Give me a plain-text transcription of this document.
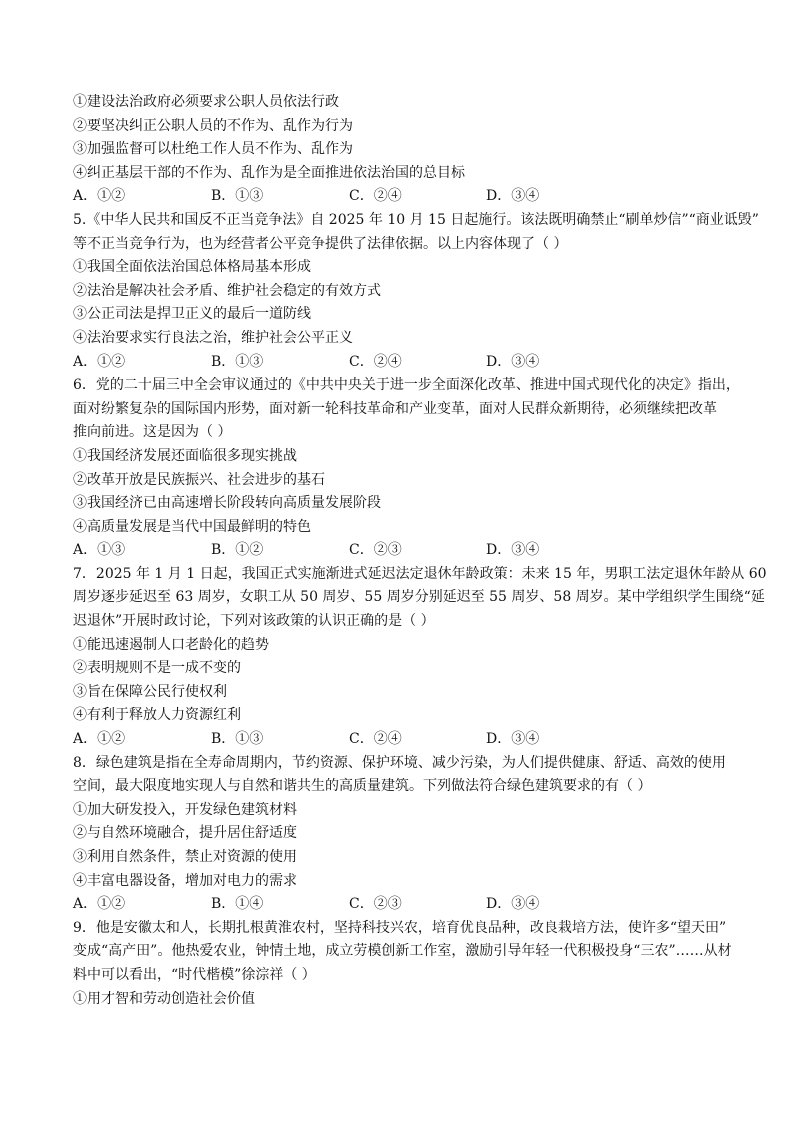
①建设法治政府必须要求公职人员依法行政
②要坚决纠正公职人员的不作为、乱作为行为
③加强监督可以杜绝工作人员不作为、乱作为
④纠正基层干部的不作为、乱作为是全面推进依法治国的总目标
A．①②	B．①③	C．②④	D．③④
5.《中华人民共和国反不正当竞争法》自 2025 年 10 月 15 日起施行。该法既明确禁止“刷单炒信”“商业诋毁”
等不正当竞争行为，也为经营者公平竞争提供了法律依据。以上内容体现了（ ）
①我国全面依法治国总体格局基本形成
②法治是解决社会矛盾、维护社会稳定的有效方式
③公正司法是捍卫正义的最后一道防线
④法治要求实行良法之治，维护社会公平正义
A．①②	B．①③	C．②④	D．③④
6．党的二十届三中全会审议通过的《中共中央关于进一步全面深化改革、推进中国式现代化的决定》指出，
面对纷繁复杂的国际国内形势，面对新一轮科技革命和产业变革，面对人民群众新期待，必须继续把改革
推向前进。这是因为（ ）
①我国经济发展还面临很多现实挑战
②改革开放是民族振兴、社会进步的基石
③我国经济已由高速增长阶段转向高质量发展阶段
④高质量发展是当代中国最鲜明的特色
A．①③	B．①②	C．②③	D．③④
7．2025 年 1 月 1 日起，我国正式实施渐进式延迟法定退休年龄政策：未来 15 年，男职工法定退休年龄从 60
周岁逐步延迟至 63 周岁，女职工从 50 周岁、55 周岁分别延迟至 55 周岁、58 周岁。某中学组织学生围绕“延
迟退休”开展时政讨论，下列对该政策的认识正确的是（ ）
①能迅速遏制人口老龄化的趋势
②表明规则不是一成不变的
③旨在保障公民行使权利
④有利于释放人力资源红利
A．①②	B．①③	C．②④	D．③④
8．绿色建筑是指在全寿命周期内，节约资源、保护环境、减少污染，为人们提供健康、舒适、高效的使用
空间，最大限度地实现人与自然和谐共生的高质量建筑。下列做法符合绿色建筑要求的有（ ）
①加大研发投入，开发绿色建筑材料
②与自然环境融合，提升居住舒适度
③利用自然条件，禁止对资源的使用
④丰富电器设备，增加对电力的需求
A．①②	B．①④	C．②③	D．③④
9．他是安徽太和人，长期扎根黄淮农村，坚持科技兴农，培育优良品种，改良栽培方法，使许多“望天田”
变成“高产田”。他热爱农业，钟情土地，成立劳模创新工作室，激励引导年轻一代积极投身“三农”……从材
料中可以看出，“时代楷模”徐淙祥（ ）
①用才智和劳动创造社会价值
